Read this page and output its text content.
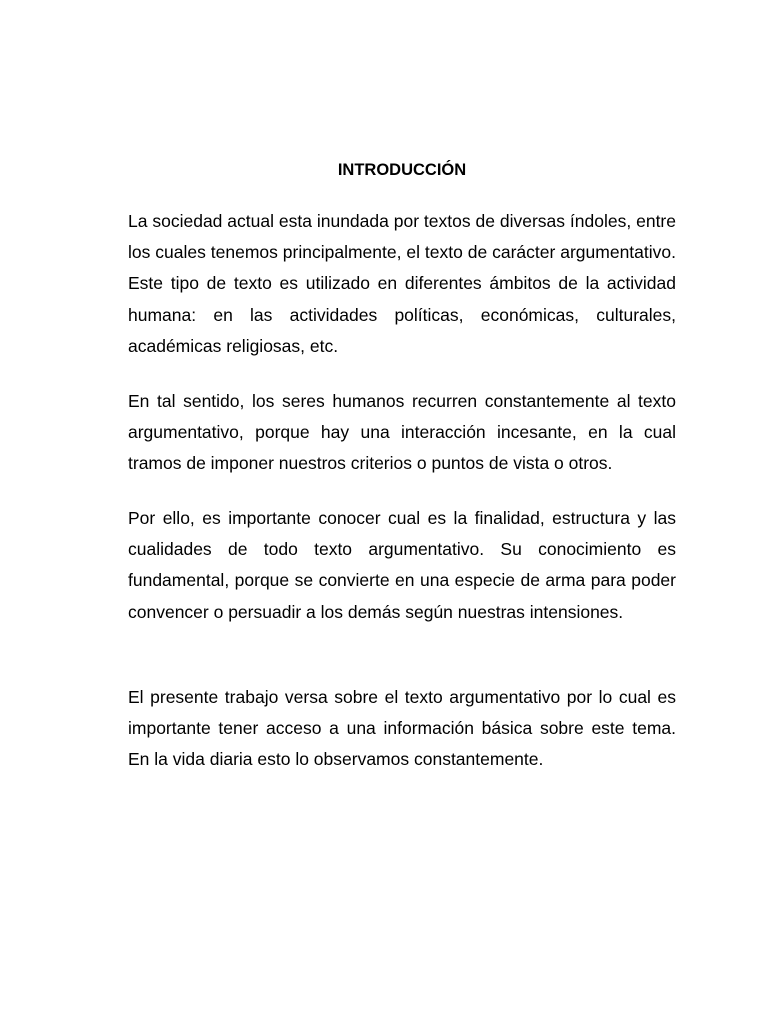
INTRODUCCIÓN

La sociedad actual esta inundada por textos de diversas índoles, entre los cuales tenemos principalmente, el texto de carácter argumentativo. Este tipo de texto es utilizado en diferentes ámbitos de la actividad humana: en las actividades políticas, económicas, culturales, académicas religiosas, etc.

En tal sentido, los seres humanos recurren constantemente al texto argumentativo, porque hay una interacción incesante, en la cual tramos de imponer nuestros criterios o puntos de vista o otros.

Por ello, es importante conocer cual es la finalidad, estructura y las cualidades de todo texto argumentativo. Su conocimiento es fundamental, porque se convierte en una especie de arma para poder convencer o persuadir a los demás según nuestras intensiones.

El presente trabajo versa sobre el texto argumentativo por lo cual es importante tener acceso a una información básica sobre este tema. En la vida diaria esto lo observamos constantemente.
